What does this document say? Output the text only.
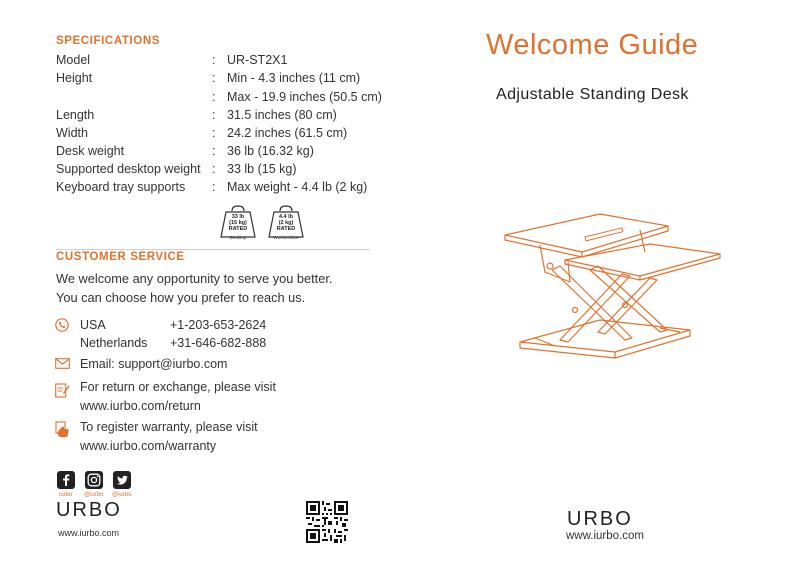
SPECIFICATIONS
Model	: UR-ST2X1
Height	: Min - 4.3 inches (11 cm)
: Max - 19.9 inches (50.5 cm)
Length	: 31.5 inches (80 cm)
Width	: 24.2 inches (61.5 cm)
Desk weight	: 36 lb (16.32 kg)
Supported desktop weight : 33 lb (15 kg)
Keyboard tray supports : Max weight - 4.4 lb (2 kg)
33 lb
(15 kg)
RATED
Desktop
4.4 lb
(2 kg)
RATED
Worksurface
CUSTOMER SERVICE
We welcome any opportunity to serve you better.
You can choose how you prefer to reach us.
USA	+1-203-653-2624
Netherlands +31-646-682-888
Email: support@iurbo.com
For return or exchange, please visit
www.iurbo.com/return
To register warranty, please visit
www.iurbo.com/warranty
iurbo @iurbo @iurbo
URBO
www.iurbo.com
Welcome Guide
Adjustable Standing Desk
URBO
www.iurbo.com
